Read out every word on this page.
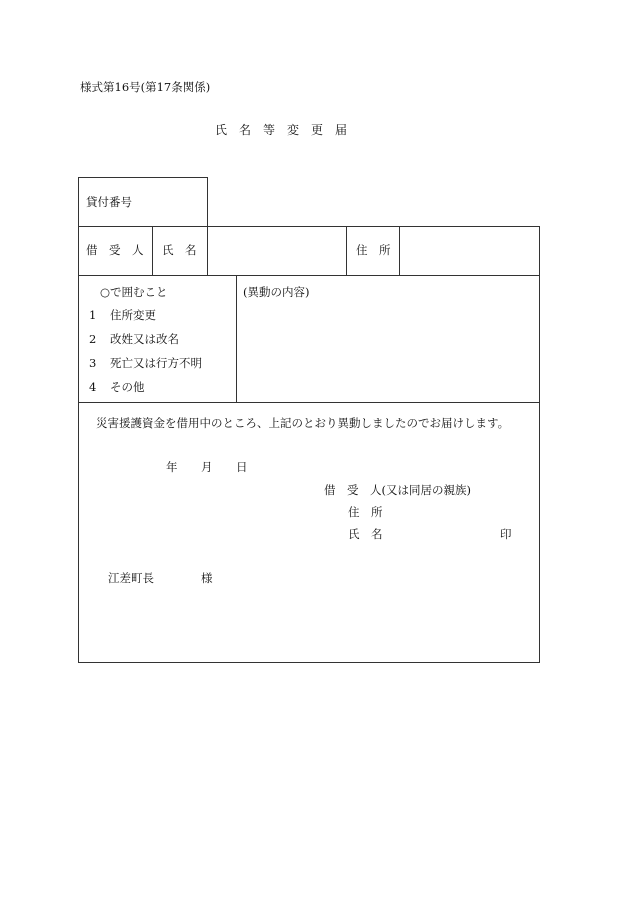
様式第16号(第17条関係)
氏　名　等　変　更　届
貸付番号
借　受　人 氏　名	住　所
○で囲むこと
1 住所変更
2 改姓又は改名
3 死亡又は行方不明
4 その他
(異動の内容)
災害援護資金を借用中のところ、上記のとおり異動しましたのでお届けします。
年 月 日
借　受　人(又は同居の親族)
住　所
氏　名	印
江差町長	様
